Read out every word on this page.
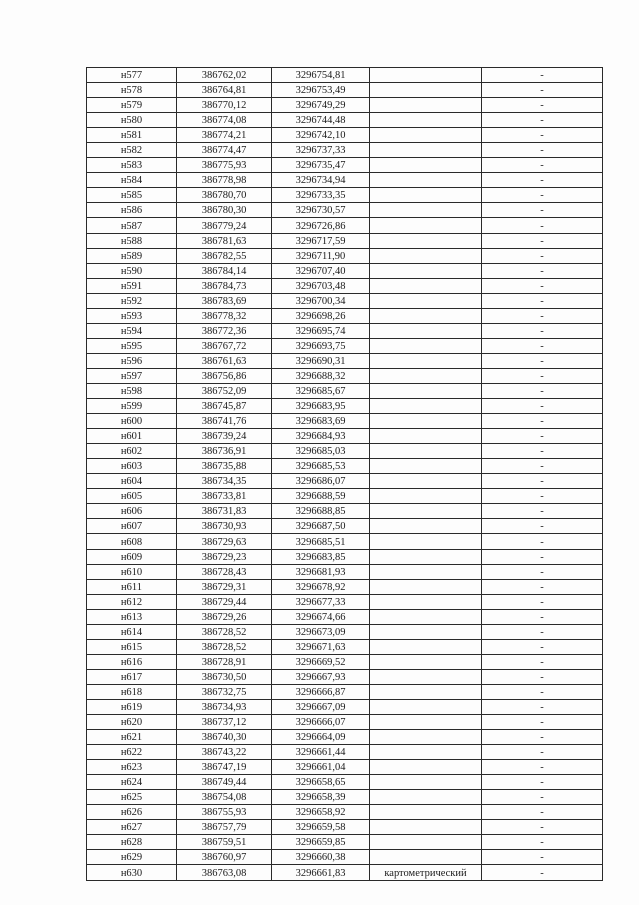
н577	386762,02	3296754,81		-
н578	386764,81	3296753,49		-
н579	386770,12	3296749,29		-
н580	386774,08	3296744,48		-
н581	386774,21	3296742,10		-
н582	386774,47	3296737,33		-
н583	386775,93	3296735,47		-
н584	386778,98	3296734,94		-
н585	386780,70	3296733,35		-
н586	386780,30	3296730,57		-
н587	386779,24	3296726,86		-
н588	386781,63	3296717,59		-
н589	386782,55	3296711,90		-
н590	386784,14	3296707,40		-
н591	386784,73	3296703,48		-
н592	386783,69	3296700,34		-
н593	386778,32	3296698,26		-
н594	386772,36	3296695,74		-
н595	386767,72	3296693,75		-
н596	386761,63	3296690,31		-
н597	386756,86	3296688,32		-
н598	386752,09	3296685,67		-
н599	386745,87	3296683,95		-
н600	386741,76	3296683,69		-
н601	386739,24	3296684,93		-
н602	386736,91	3296685,03		-
н603	386735,88	3296685,53		-
н604	386734,35	3296686,07		-
н605	386733,81	3296688,59		-
н606	386731,83	3296688,85		-
н607	386730,93	3296687,50		-
н608	386729,63	3296685,51		-
н609	386729,23	3296683,85		-
н610	386728,43	3296681,93		-
н611	386729,31	3296678,92		-
н612	386729,44	3296677,33		-
н613	386729,26	3296674,66		-
н614	386728,52	3296673,09		-
н615	386728,52	3296671,63		-
н616	386728,91	3296669,52		-
н617	386730,50	3296667,93		-
н618	386732,75	3296666,87		-
н619	386734,93	3296667,09		-
н620	386737,12	3296666,07		-
н621	386740,30	3296664,09		-
н622	386743,22	3296661,44		-
н623	386747,19	3296661,04		-
н624	386749,44	3296658,65		-
н625	386754,08	3296658,39		-
н626	386755,93	3296658,92		-
н627	386757,79	3296659,58		-
н628	386759,51	3296659,85		-
н629	386760,97	3296660,38		-
н630	386763,08	3296661,83	картометрический	-
